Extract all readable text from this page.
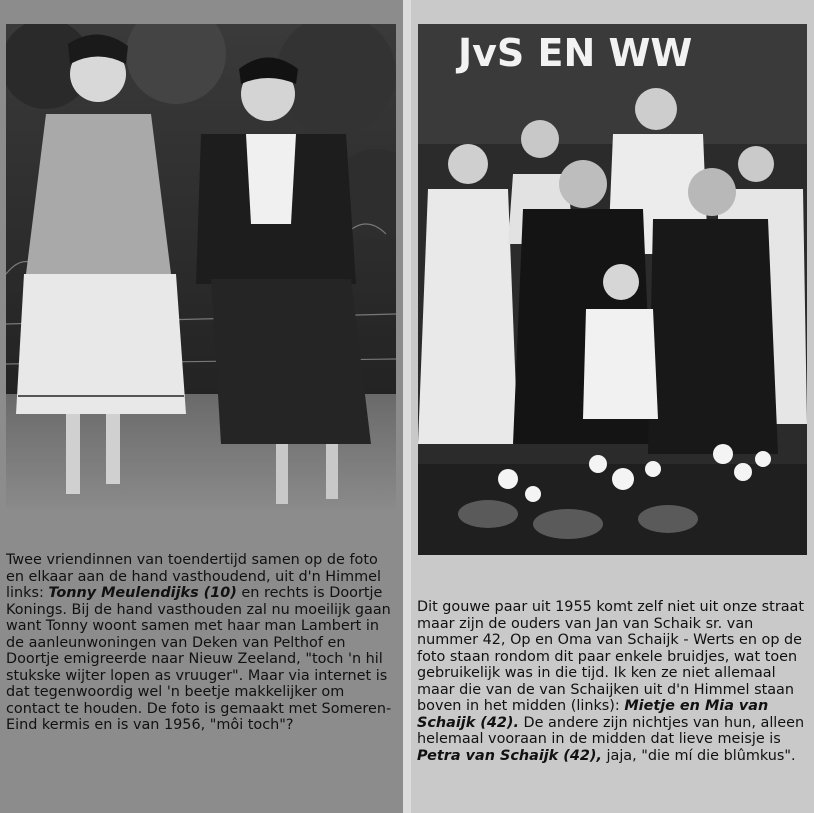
Twee vriendinnen van toendertijd samen op de foto en elkaar aan de hand vasthoudend, uit d'n Himmel links: Tonny Meulendijks (10) en rechts is Doortje Konings. Bij de hand vasthouden zal nu moeilijk gaan want Tonny woont samen met haar man Lambert in de aanleunwoningen van Deken van Pelthof en Doortje emigreerde naar Nieuw Zeeland, "toch 'n hil stukske wijter lopen as vruuger". Maar via internet is dat tegenwoordig wel 'n beetje makkelijker om contact te houden. De foto is gemaakt met Someren-Eind kermis en is van 1956, "môi toch"?

JvS EN WW

Dit gouwe paar uit 1955 komt zelf niet uit onze straat maar zijn de ouders van Jan van Schaik sr. van nummer 42, Op en Oma van Schaijk - Werts en op de foto staan rondom dit paar enkele bruidjes, wat toen gebruikelijk was in die tijd. Ik ken ze niet allemaal maar die van de van Schaijken uit d'n Himmel staan boven in het midden (links): Mietje en Mia van Schaijk (42). De andere zijn nichtjes van hun, alleen helemaal vooraan in de midden dat lieve meisje is Petra van Schaijk (42), jaja, "die mí die blûmkus".
